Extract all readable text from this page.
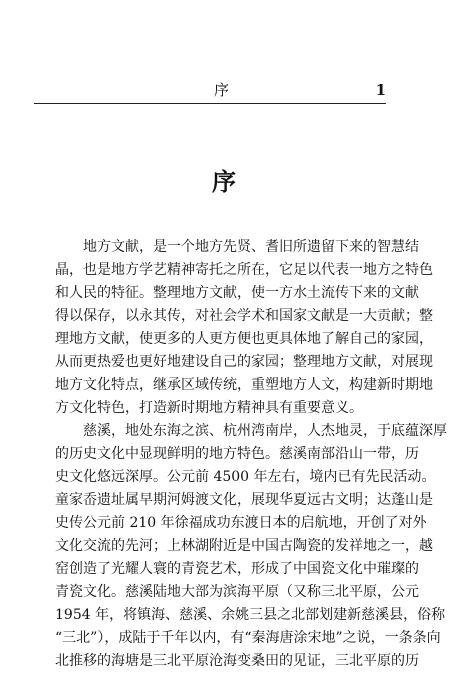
序	1
序
地方文献，是一个地方先贤、耆旧所遗留下来的智慧结
晶，也是地方学艺精神寄托之所在，它足以代表一地方之特色
和人民的特征。整理地方文献，使一方水土流传下来的文献
得以保存，以永其传，对社会学术和国家文献是一大贡献；整
理地方文献，使更多的人更方便也更具体地了解自己的家园，
从而更热爱也更好地建设自己的家园；整理地方文献，对展现
地方文化特点，继承区域传统，重塑地方人文，构建新时期地
方文化特色，打造新时期地方精神具有重要意义。
慈溪，地处东海之滨、杭州湾南岸，人杰地灵，于底蕴深厚
的历史文化中显现鲜明的地方特色。慈溪南部沿山一带，历
史文化悠远深厚。公元前 4500 年左右，境内已有先民活动。
童家岙遗址属早期河姆渡文化，展现华夏远古文明；达蓬山是
史传公元前 210 年徐福成功东渡日本的启航地，开创了对外
文化交流的先河；上林湖附近是中国古陶瓷的发祥地之一，越
窑创造了光耀人寰的青瓷艺术，形成了中国瓷文化中璀璨的
青瓷文化。慈溪陆地大部为滨海平原（又称三北平原，公元
1954 年，将镇海、慈溪、余姚三县之北部划建新慈溪县，俗称
“三北”），成陆于千年以内，有“秦海唐涂宋地”之说，一条条向
北推移的海塘是三北平原沧海变桑田的见证，三北平原的历
